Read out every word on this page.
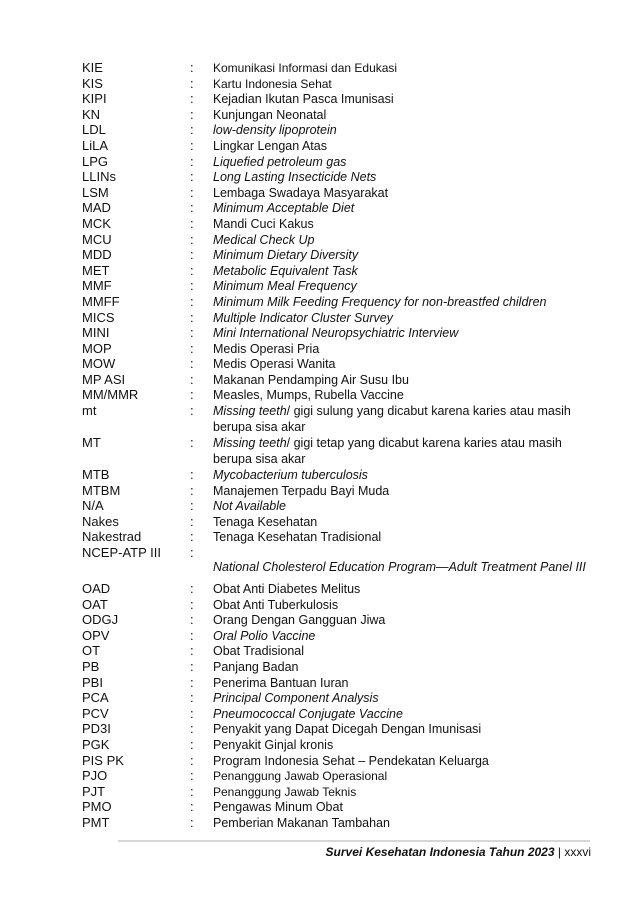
KIE	: Komunikasi Informasi dan Edukasi
KIS	: Kartu Indonesia Sehat
KIPI	: Kejadian Ikutan Pasca Imunisasi
KN	: Kunjungan Neonatal
LDL	: low-density lipoprotein
LiLA	: Lingkar Lengan Atas
LPG	: Liquefied petroleum gas
LLINs	: Long Lasting Insecticide Nets
LSM	: Lembaga Swadaya Masyarakat
MAD	: Minimum Acceptable Diet
MCK	: Mandi Cuci Kakus
MCU	: Medical Check Up
MDD	: Minimum Dietary Diversity
MET	: Metabolic Equivalent Task
MMF	: Minimum Meal Frequency
MMFF	: Minimum Milk Feeding Frequency for non-breastfed children
MICS	: Multiple Indicator Cluster Survey
MINI	: Mini International Neuropsychiatric Interview
MOP	: Medis Operasi Pria
MOW	: Medis Operasi Wanita
MP ASI	: Makanan Pendamping Air Susu Ibu
MM/MMR	: Measles, Mumps, Rubella Vaccine
mt	: Missing teeth/ gigi sulung yang dicabut karena karies atau masih berupa sisa akar
MT	: Missing teeth/ gigi tetap yang dicabut karena karies atau masih berupa sisa akar
MTB	: Mycobacterium tuberculosis
MTBM	: Manajemen Terpadu Bayi Muda
N/A	: Not Available
Nakes	: Tenaga Kesehatan
Nakestrad	: Tenaga Kesehatan Tradisional
NCEP-ATP III :
National Cholesterol Education Program—Adult Treatment Panel III
OAD	: Obat Anti Diabetes Melitus
OAT	: Obat Anti Tuberkulosis
ODGJ	: Orang Dengan Gangguan Jiwa
OPV	: Oral Polio Vaccine
OT	: Obat Tradisional
PB	: Panjang Badan
PBI	: Penerima Bantuan Iuran
PCA	: Principal Component Analysis
PCV	: Pneumococcal Conjugate Vaccine
PD3I	: Penyakit yang Dapat Dicegah Dengan Imunisasi
PGK	: Penyakit Ginjal kronis
PIS PK	: Program Indonesia Sehat – Pendekatan Keluarga
PJO	: Penanggung Jawab Operasional
PJT	: Penanggung Jawab Teknis
PMO	: Pengawas Minum Obat
PMT	: Pemberian Makanan Tambahan
Survei Kesehatan Indonesia Tahun 2023 | xxxvi
